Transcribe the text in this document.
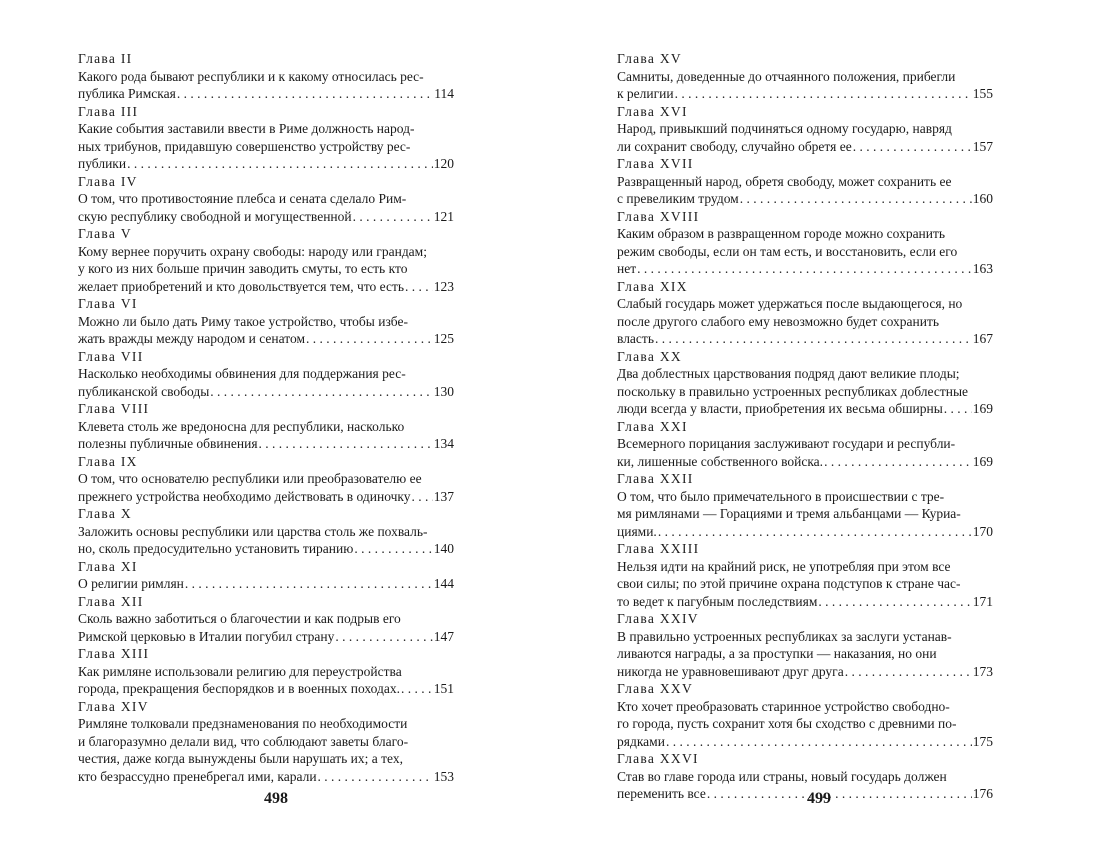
Глава II
Какого рода бывают республики и к какому относилась рес-
публика Римская . . .	114
Глава III
Какие события заставили ввести в Риме должность народ-
ных трибунов, придавшую совершенство устройству рес-
публики . . .	120
Глава IV
О том, что противостояние плебса и сената сделало Рим-
скую республику свободной и могущественной . . .	121
Глава V
Кому вернее поручить охрану свободы: народу или грандам;
у кого из них больше причин заводить смуты, то есть кто
желает приобретений и кто довольствуется тем, что есть . . . 123
Глава VI
Можно ли было дать Риму такое устройство, чтобы избе-
жать вражды между народом и сенатом . . .	125
Глава VII
Насколько необходимы обвинения для поддержания рес-
публиканской свободы . . .	130
Глава VIII
Клевета столь же вредоносна для республики, насколько
полезны публичные обвинения . . .	134
Глава IX
О том, что основателю республики или преобразователю ее
прежнего устройства необходимо действовать в одиночку . . . 137
Глава X
Заложить основы республики или царства столь же похваль-
но, сколь предосудительно установить тиранию . . .	140
Глава XI
О религии римлян . . .	144
Глава XII
Сколь важно заботиться о благочестии и как подрыв его
Римской церковью в Италии погубил страну . . .	147
Глава XIII
Как римляне использовали религию для переустройства
города, прекращения беспорядков и в военных походах. . . .	151
Глава XIV
Римляне толковали предзнаменования по необходимости
и благоразумно делали вид, что соблюдают заветы благо-
честия, даже когда вынуждены были нарушать их; а тех,
кто безрассудно пренебрегал ими, карали . . .	153
Глава XV
Самниты, доведенные до отчаянного положения, прибегли
к религии . . .	155
Глава XVI
Народ, привыкший подчиняться одному государю, навряд
ли сохранит свободу, случайно обретя ее . . .	157
Глава XVII
Развращенный народ, обретя свободу, может сохранить ее
с превеликим трудом . . .	160
Глава XVIII
Каким образом в развращенном городе можно сохранить
режим свободы, если он там есть, и восстановить, если его
нет . . .	163
Глава XIX
Слабый государь может удержаться после выдающегося, но
после другого слабого ему невозможно будет сохранить
власть . . .	167
Глава XX
Два доблестных царствования подряд дают великие плоды;
поскольку в правильно устроенных республиках доблестные
люди всегда у власти, приобретения их весьма обширны . . . 169
Глава XXI
Всемерного порицания заслуживают государи и республи-
ки, лишенные собственного войска. . . .	169
Глава XXII
О том, что было примечательного в происшествии с тре-
мя римлянами — Горациями и тремя альбанцами — Куриа-
циями. . . .	170
Глава XXIII
Нельзя идти на крайний риск, не употребляя при этом все
свои силы; по этой причине охрана подступов к стране час-
то ведет к пагубным последствиям . . .	171
Глава XXIV
В правильно устроенных республиках за заслуги устанав-
ливаются награды, а за проступки — наказания, но они
никогда не уравновешивают друг друга . . .	173
Глава XXV
Кто хочет преобразовать старинное устройство свободно-
го города, пусть сохранит хотя бы сходство с древними по-
рядками . . .	175
Глава XXVI
Став во главе города или страны, новый государь должен
переменить все . . .	176
498	499
